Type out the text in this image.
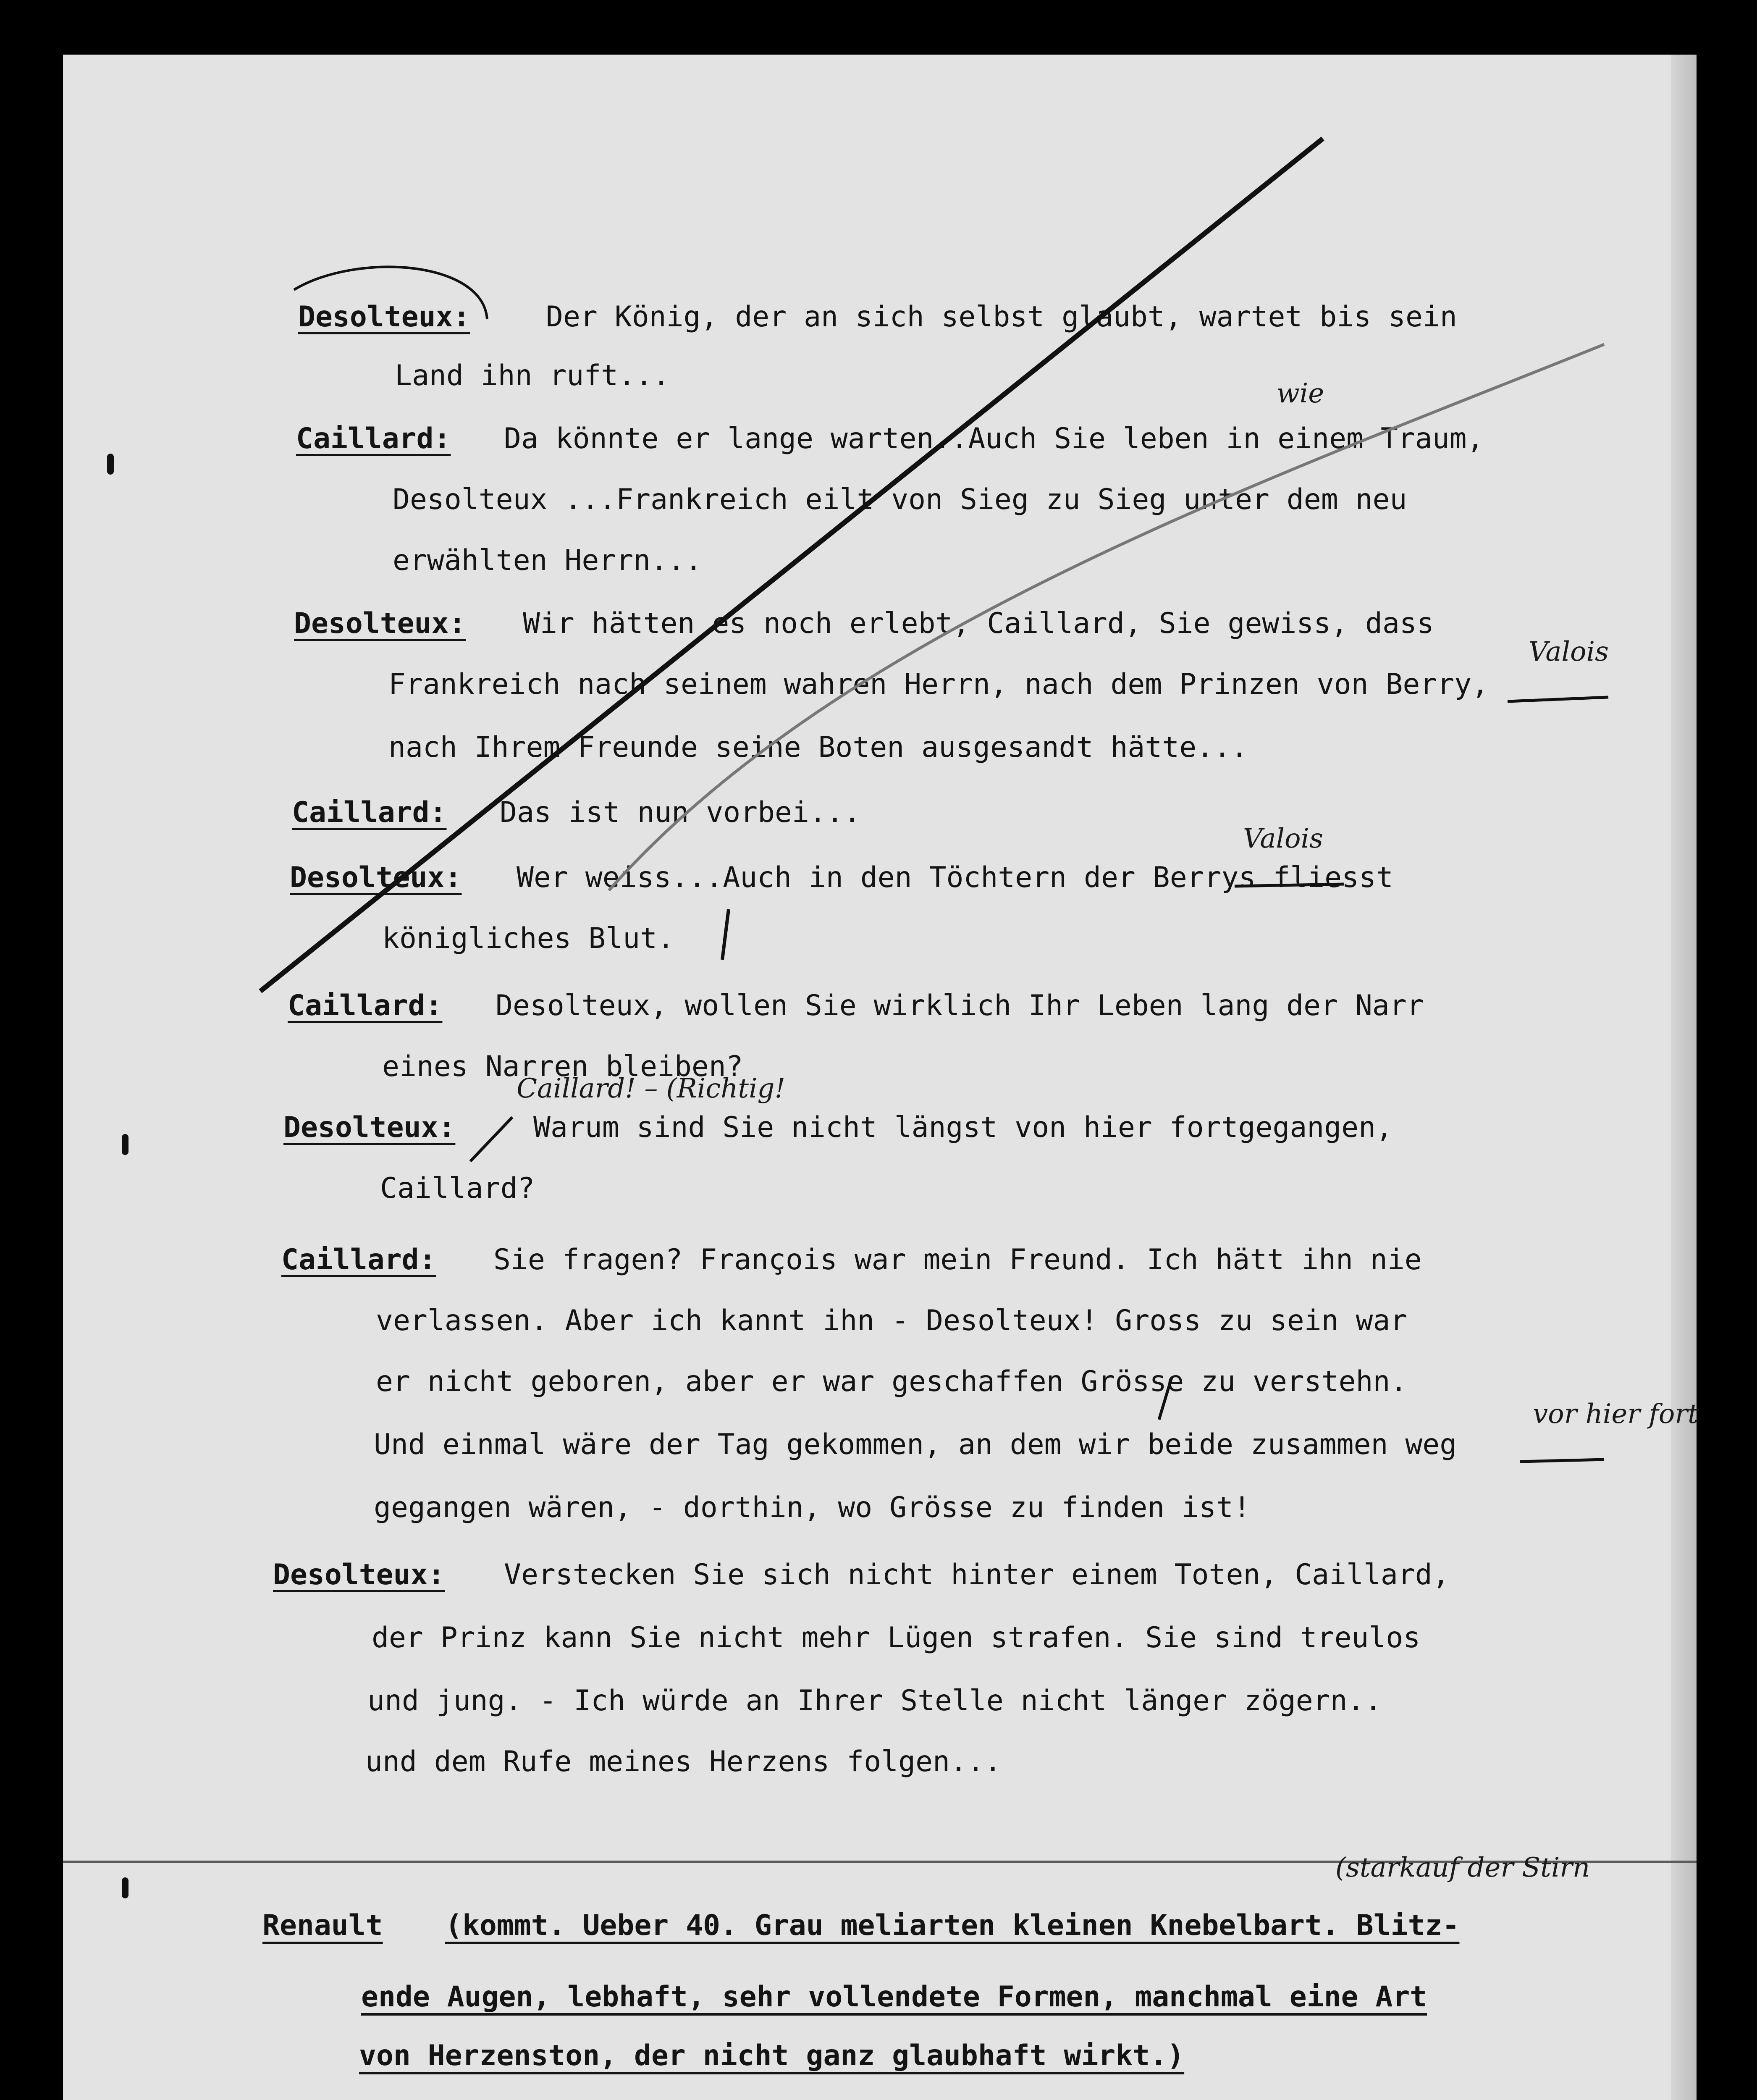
Desolteux:	Der König, der an sich selbst glaubt, wartet bis sein
Land ihn ruft...
Caillard: Da könnte er lange warten..Auch Sie leben in einem Traum,
Desolteux ...Frankreich eilt von Sieg zu Sieg unter dem neu
erwählten Herrn...
Desolteux: Wir hätten es noch erlebt, Caillard, Sie gewiss, dass
Frankreich nach seinem wahren Herrn, nach dem Prinzen von Berry,
nach Ihrem Freunde seine Boten ausgesandt hätte...
Caillard: Das ist nun vorbei...
Desolteux: Wer weiss...Auch in den Töchtern der Berrys fliesst
königliches Blut.
Caillard: Desolteux, wollen Sie wirklich Ihr Leben lang der Narr
eines Narren bleiben?
Desolteux:	Warum sind Sie nicht längst von hier fortgegangen,
Caillard?
Caillard: Sie fragen? François war mein Freund. Ich hätt ihn nie
verlassen. Aber ich kannt ihn - Desolteux! Gross zu sein war
er nicht geboren, aber er war geschaffen Grösse zu verstehn.
Und einmal wäre der Tag gekommen, an dem wir beide zusammen weg
gegangen wären, - dorthin, wo Grösse zu finden ist!
Desolteux: Verstecken Sie sich nicht hinter einem Toten, Caillard,
der Prinz kann Sie nicht mehr Lügen strafen. Sie sind treulos
und jung. - Ich würde an Ihrer Stelle nicht länger zögern..
und dem Rufe meines Herzens folgen...
Renault (kommt. Ueber 40. Grau meliarten kleinen Knebelbart. Blitz-
ende Augen, lebhaft, sehr vollendete Formen, manchmal eine Art
von Herzenston, der nicht ganz glaubhaft wirkt.)
wie
Valois
Valois
Caillard! – (Richtig!
vor hier fort
(starkauf der Stirn
